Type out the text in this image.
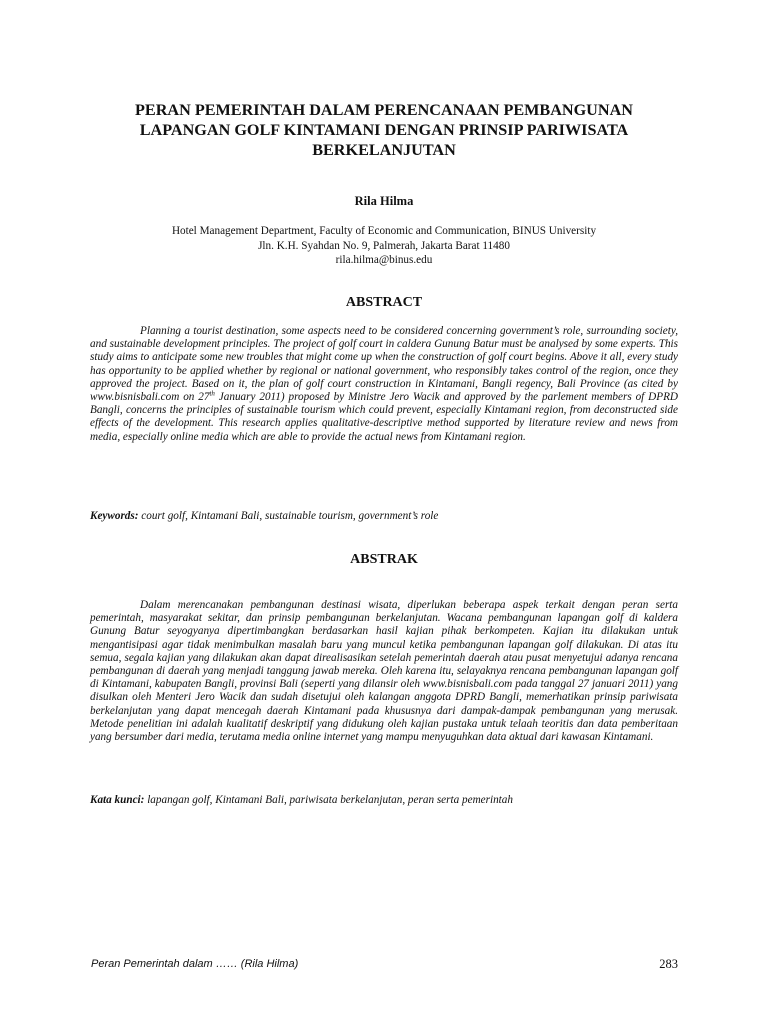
PERAN PEMERINTAH DALAM PERENCANAAN PEMBANGUNAN
LAPANGAN GOLF KINTAMANI DENGAN PRINSIP PARIWISATA
BERKELANJUTAN

Rila Hilma

Hotel Management Department, Faculty of Economic and Communication, BINUS University
Jln. K.H. Syahdan No. 9, Palmerah, Jakarta Barat 11480
rila.hilma@binus.edu
ABSTRACT

Planning a tourist destination, some aspects need to be considered concerning government’s role, surrounding society, and sustainable development principles. The project of golf court in caldera Gunung Batur must be analysed by some experts. This study aims to anticipate some new troubles that might come up when the construction of golf court begins. Above it all, every study has opportunity to be applied whether by regional or national government, who responsibly takes control of the region, once they approved the project. Based on it, the plan of golf court construction in Kintamani, Bangli regency, Bali Province (as cited by www.bisnisbali.com on 27th January 2011) proposed by Ministre Jero Wacik and approved by the parlement members of DPRD Bangli, concerns the principles of sustainable tourism which could prevent, especially Kintamani region, from deconstructed side effects of the development. This research applies qualitative-descriptive method supported by literature review and news from media, especially online media which are able to provide the actual news from Kintamani region.

Keywords: court golf, Kintamani Bali, sustainable tourism, government’s role

ABSTRAK

Dalam merencanakan pembangunan destinasi wisata, diperlukan beberapa aspek terkait dengan peran serta pemerintah, masyarakat sekitar, dan prinsip pembangunan berkelanjutan. Wacana pembangunan lapangan golf di kaldera Gunung Batur seyogyanya dipertimbangkan berdasarkan hasil kajian pihak berkompeten. Kajian itu dilakukan untuk mengantisipasi agar tidak menimbulkan masalah baru yang muncul ketika pembangunan lapangan golf dilakukan. Di atas itu semua, segala kajian yang dilakukan akan dapat direalisasikan setelah pemerintah daerah atau pusat menyetujui adanya rencana pembangunan di daerah yang menjadi tanggung jawab mereka. Oleh karena itu, selayaknya rencana pembangunan lapangan golf di Kintamani, kabupaten Bangli, provinsi Bali (seperti yang dilansir oleh www.bisnisbali.com pada tanggal 27 januari 2011) yang disulkan oleh Menteri Jero Wacik dan sudah disetujui oleh kalangan anggota DPRD Bangli, memerhatikan prinsip pariwisata berkelanjutan yang dapat mencegah daerah Kintamani pada khususnya dari dampak-dampak pembangunan yang merusak. Metode penelitian ini adalah kualitatif deskriptif yang didukung oleh kajian pustaka untuk telaah teoritis dan data pemberitaan yang bersumber dari media, terutama media online internet yang mampu menyuguhkan data aktual dari kawasan Kintamani.

Kata kunci: lapangan golf, Kintamani Bali, pariwisata berkelanjutan, peran serta pemerintah

Peran Pemerintah dalam …… (Rila Hilma)	283
